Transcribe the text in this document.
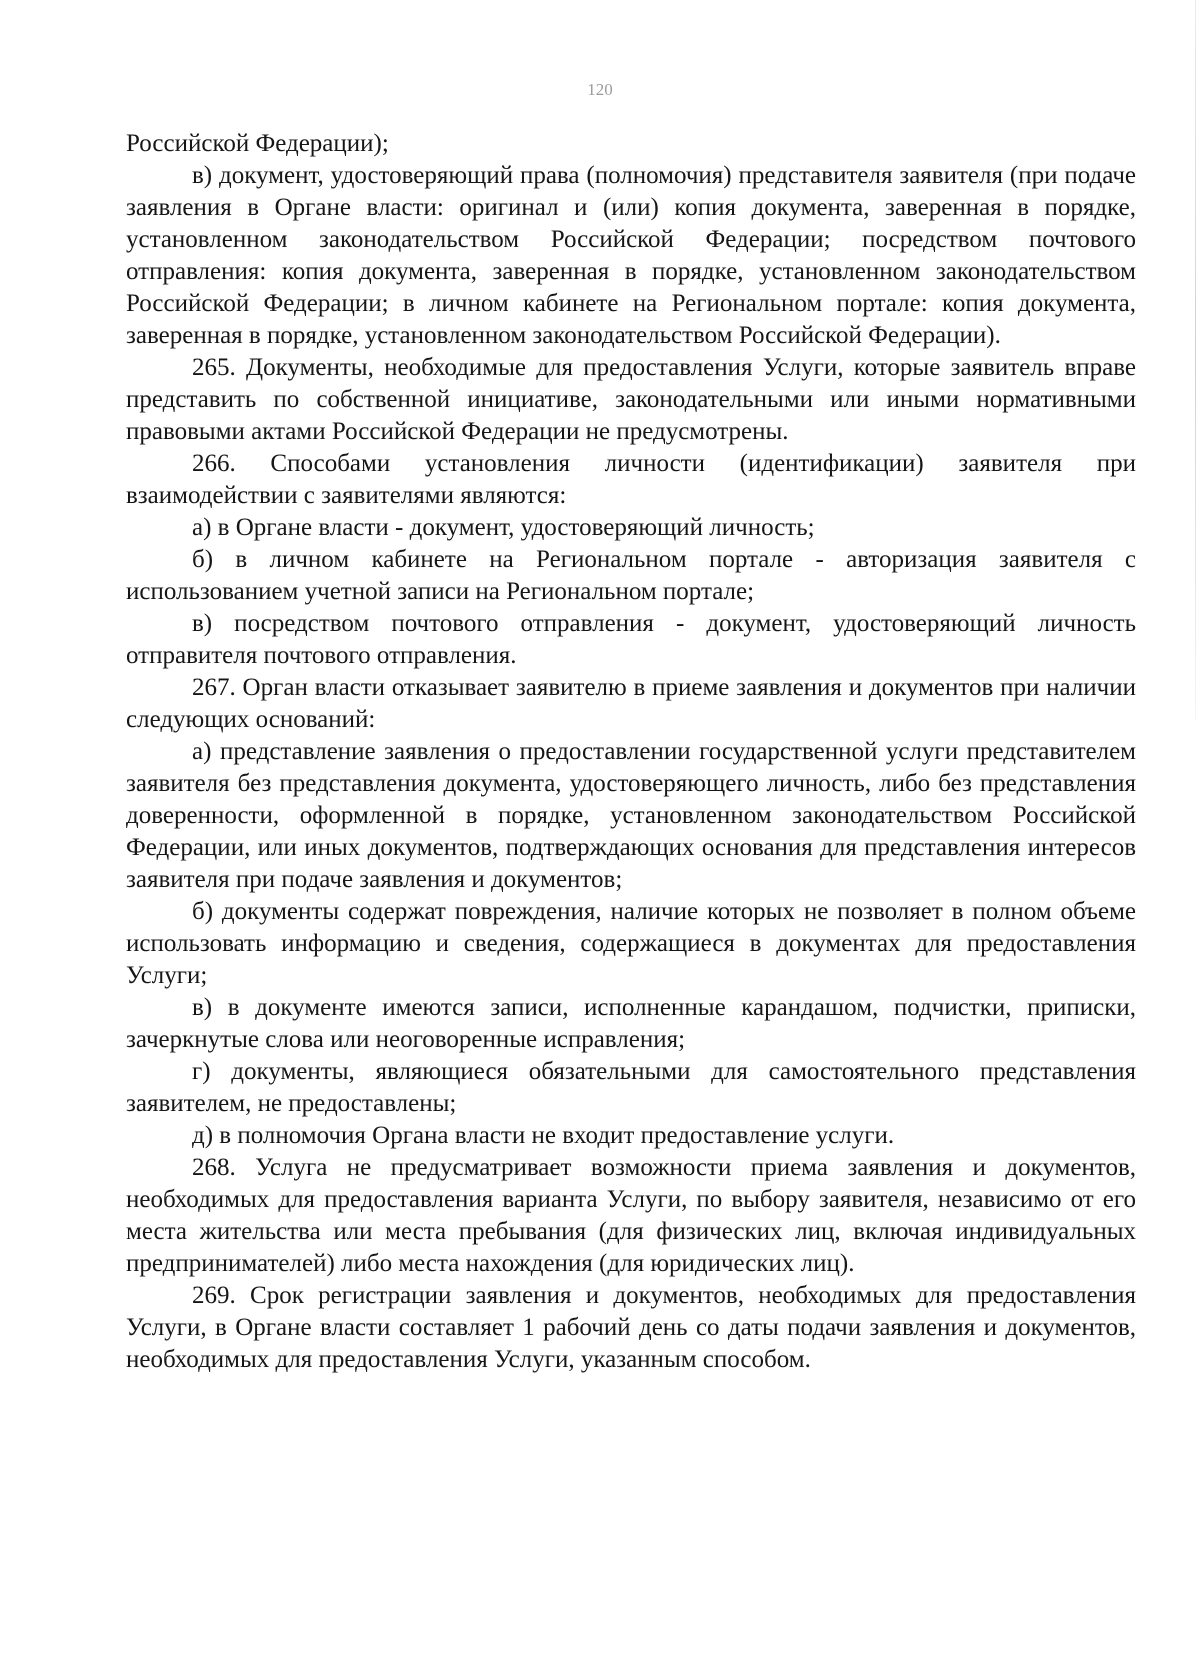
120

Российской Федерации);

в) документ, удостоверяющий права (полномочия) представителя заявителя (при подаче заявления в Органе власти: оригинал и (или) копия документа, заверенная в порядке, установленном законодательством Российской Федерации; посредством почтового отправления: копия документа, заверенная в порядке, установленном законодательством Российской Федерации; в личном кабинете на Региональном портале: копия документа, заверенная в порядке, установленном законодательством Российской Федерации).

265. Документы, необходимые для предоставления Услуги, которые заявитель вправе представить по собственной инициативе, законодательными или иными нормативными правовыми актами Российской Федерации не предусмотрены.

266. Способами установления личности (идентификации) заявителя при взаимодействии с заявителями являются:

а) в Органе власти - документ, удостоверяющий личность;

б) в личном кабинете на Региональном портале - авторизация заявителя с использованием учетной записи на Региональном портале;

в) посредством почтового отправления - документ, удостоверяющий личность отправителя почтового отправления.

267. Орган власти отказывает заявителю в приеме заявления и документов при наличии следующих оснований:

а) представление заявления о предоставлении государственной услуги представителем заявителя без представления документа, удостоверяющего личность, либо без представления доверенности, оформленной в порядке, установленном законодательством Российской Федерации, или иных документов, подтверждающих основания для представления интересов заявителя при подаче заявления и документов;

б) документы содержат повреждения, наличие которых не позволяет в полном объеме использовать информацию и сведения, содержащиеся в документах для предоставления Услуги;

в) в документе имеются записи, исполненные карандашом, подчистки, приписки, зачеркнутые слова или неоговоренные исправления;

г) документы, являющиеся обязательными для самостоятельного представления заявителем, не предоставлены;

д) в полномочия Органа власти не входит предоставление услуги.

268. Услуга не предусматривает возможности приема заявления и документов, необходимых для предоставления варианта Услуги, по выбору заявителя, независимо от его места жительства или места пребывания (для физических лиц, включая индивидуальных предпринимателей) либо места нахождения (для юридических лиц).

269. Срок регистрации заявления и документов, необходимых для предоставления Услуги, в Органе власти составляет 1 рабочий день со даты подачи заявления и документов, необходимых для предоставления Услуги, указанным способом.
